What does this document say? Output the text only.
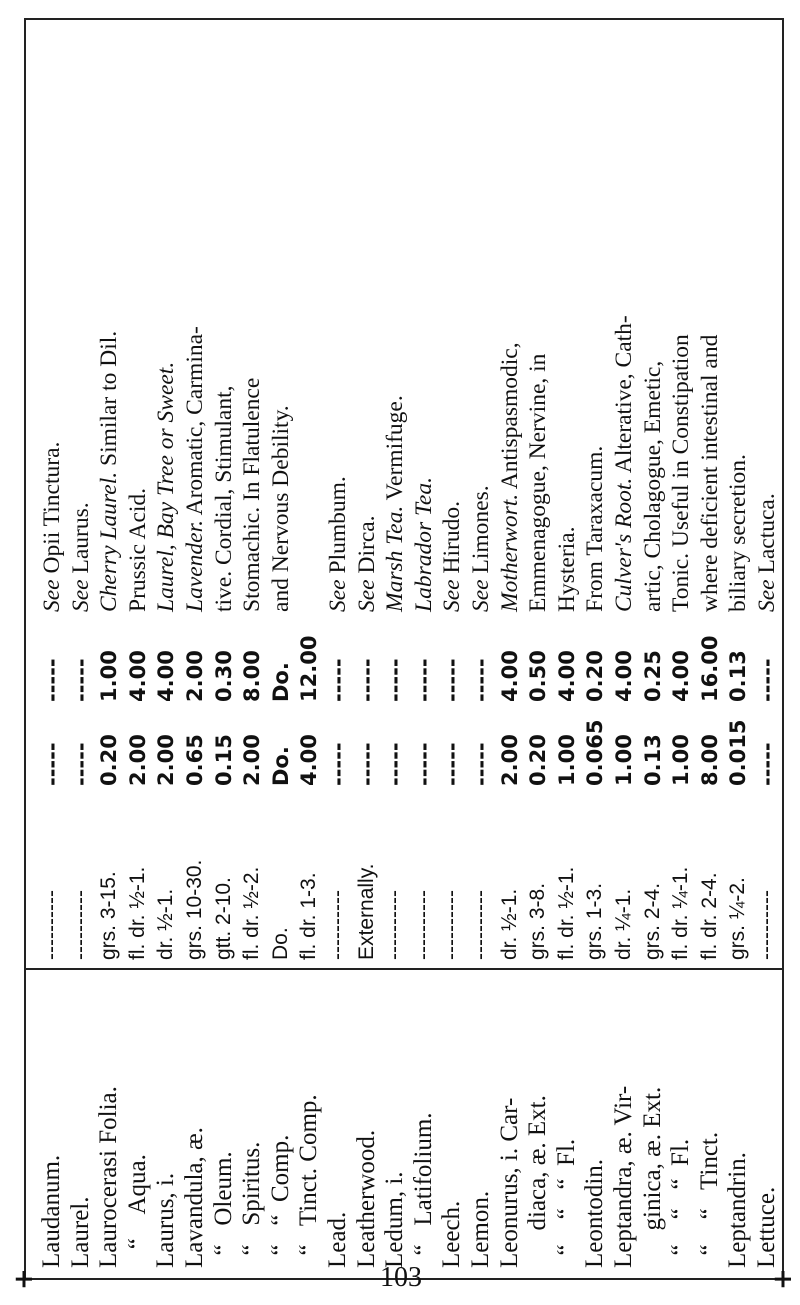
+	+
Laudanum. Laurel. Laurocerasi Folia. “    Aqua. Laurus, i. Lavandula, æ. “   Oleum. “   Spiritus. “   “  Comp. “   Tinct. Comp. Lead. Leatherwood. Ledum, i. “   Latifolium. Leech. Lemon. Leonurus, i. Car- diaca, æ. Ext. “    “   “  Fl. Leontodin. Leptandra, æ. Vir- ginica, æ. Ext. “    “   “  Fl. “    “   Tinct. Leptandrin. Lettuce.
---------- ---------- grs. 3-15. fl. dr. ½-1. dr. ½-1. grs. 10-30. gtt. 2-10. fl. dr. ½-2. Do. fl. dr. 1-3. ---------- Externally. ---------- ---------- ---------- ---------- dr. ½-1. grs. 3-8. fl. dr. ½-1. grs. 1-3. dr. ¼-1. grs. 2-4. fl. dr. ¼-1. fl. dr. 2-4. grs. ¼-2. ----------
----- ----- 0.20 2.00 2.00 0.65 0.15 2.00 Do. 4.00 ----- ----- ----- ----- ----- ----- 2.00 0.20 1.00 0.065 1.00 0.13 1.00 8.00 0.015 -----
----- ----- 1.00 4.00 4.00 2.00 0.30 8.00 Do. 12.00 ----- ----- ----- ----- ----- ----- 4.00 0.50 4.00 0.20 4.00 0.25 4.00 16.00 0.13 -----
See Opii Tinctura.
See Laurus. Cherry Laurel. Similar to Dil.
Prussic Acid. Laurel, Bay Tree or Sweet. Lavender. Aromatic, Carmina- tive. Cordial, Stimulant, Stomachic. In Flatulence and Nervous Debility. See Plumbum.
See Dirca. Marsh Tea. Vermifuge.
Labrador Tea. See Hirudo.
See Limones. Motherwort. Antispasmodic, Emmenagogue, Nervine, in Hysteria. From Taraxacum. Culver's Root. Alterative, Cath- artic, Cholagogue, Emetic, Tonic. Useful in Constipation where deficient intestinal and biliary secretion. See Lactuca.
103
